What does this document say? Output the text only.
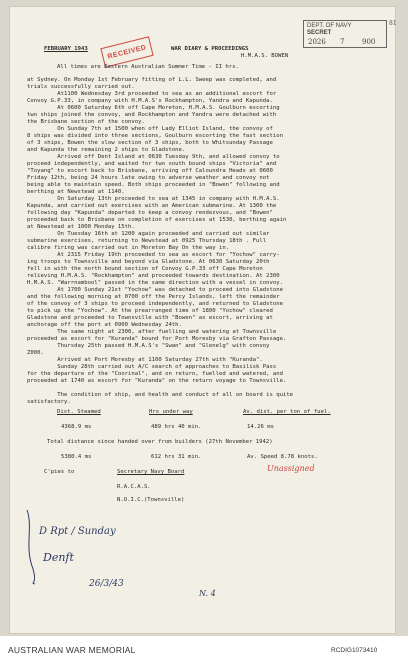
RECEIVED
DEPT. OF NAVY
SECRET
2026 7	900
81
FEBRUARY 1943	WAR DIARY & PROCEEDINGS
H.M.A.S. BOWEN
All times are Eastern Australian Summer Time - II hrs.
at Sydney. On Monday 1st February fitting of L.L. Sweep was completed, and
trials successfully carried out.
At1100 Wednesday 3rd proceeded to sea as an additional escort for
Convoy G.P.33, in company with H.M.A.S's Rockhampton, Yandra and Kapunda.
At 0600 Saturday 6th off Cape Moreton, H.M.A.S. Goulburn escorting
two ships joined the convoy, and Rockhampton and Yandra were detached with
the Brisbane section of the convoy.
On Sunday 7th at 1500 when off Lady Elliot Island, the convoy of
8 ships was divided into three sections, Goulburn escorting the fast section
of 3 ships, Bowen the slow section of 3 ships, both to Whitsunday Passage
and Kapunda the remaining 2 ships to Gladstone.
Arrived off Dent Island at 0630 Tuesday 9th, and allowed convoy to
proceed independently, and waited for two south bound ships "Victoria" and
"Toyang" to escort back to Brisbane, arriving off Caloundra Heads at 0600
Friday 12th, being 24 hours late owing to adverse weather and convoy not
being able to maintain speed. Both ships proceeded in "Bowen" following and
berthing at Newstead at 1140.
On Saturday 13th proceeded to sea at 1345 in company with H.M.A.S.
Kapunda, and carried out exercises with an American submarine. At 1300 the
following day "Kapunda" departed to keep a convoy rendezvous, and "Bowen"
proceeded back to Brisbane on completion of exercises at 1530, berthing again
at Newstead at 1000 Monday 15th.
On Tuesday 16th at 1200 again proceeded and carried out similar
submarine exercises, returning to Newstead at 0925 Thursday 18th . Full
calibre firing was carried out in Moreton Bay On the way in.
At 2315 Friday 19th proceeded to sea as escort for "Yochow" carry-
ing troops to Townsville and beyond via Gladstone. At 0630 Saturday 20th
fell in with the north bound section of Convoy G.P.33 off Cape Moreton
relieving H.M.A.S. "Rockhampton" and proceeded towards destination. At 2300
H.M.A.S. "Warrnambool" passed in the same direction with a vessel in convoy.
At 1700 Sunday 21st "Yochow" was detached to proceed into Gladstone
and the following morning at 0700 off the Percy Islands, left the remainder
of the convoy of 3 ships to proceed independently, and returned to Gladstone
to pick up the "Yochow". At the prearranged time of 1800 "Yochow" cleared
Gladstone and proceeded to Townsville with "Bowen" as escort, arriving at
anchorage off the port at 0900 Wednesday 24th.
The same night at 2300, after fuelling and watering at Townsville
proceeded as escort for "Kuranda" bound for Port Moresby via Grafton Passage.
Thursday 25th passed H.M.A.S's "Swan" and "Glenelg" with convoy
Z000.
Arrived at Port Moresby at 1100 Saturday 27th with "Kuranda".
Sunday 28th carried out A/C search of approaches to Basilisk Pass
for the departure of the "Coorinal", and on return, fuelled and watered, and
proceeded at 1740 as escort for "Kuranda" on the return voyage to Townsville.
The condition of ship, and health and conduct of all on board is quite
satisfactory.
Dist. Steamed	Hrs under way	Av. dist. per ton of fuel.
4368.9 ms	489 hrs 40 min.	14.26 ms
Total distance since handed over from builders (27th November 1942)
5380.4 ms	612 hrs 31 min.	Av. Speed 8.78 knots.
C'pies to	Secretary Navy Board
R.A.C.A.S.
N.O.I.C.(Townsville)
Unassigned
D Rpt / Sunday
Denft
26/3/43
N. 4
AUSTRALIAN WAR MEMORIAL	RCDIG1073410
